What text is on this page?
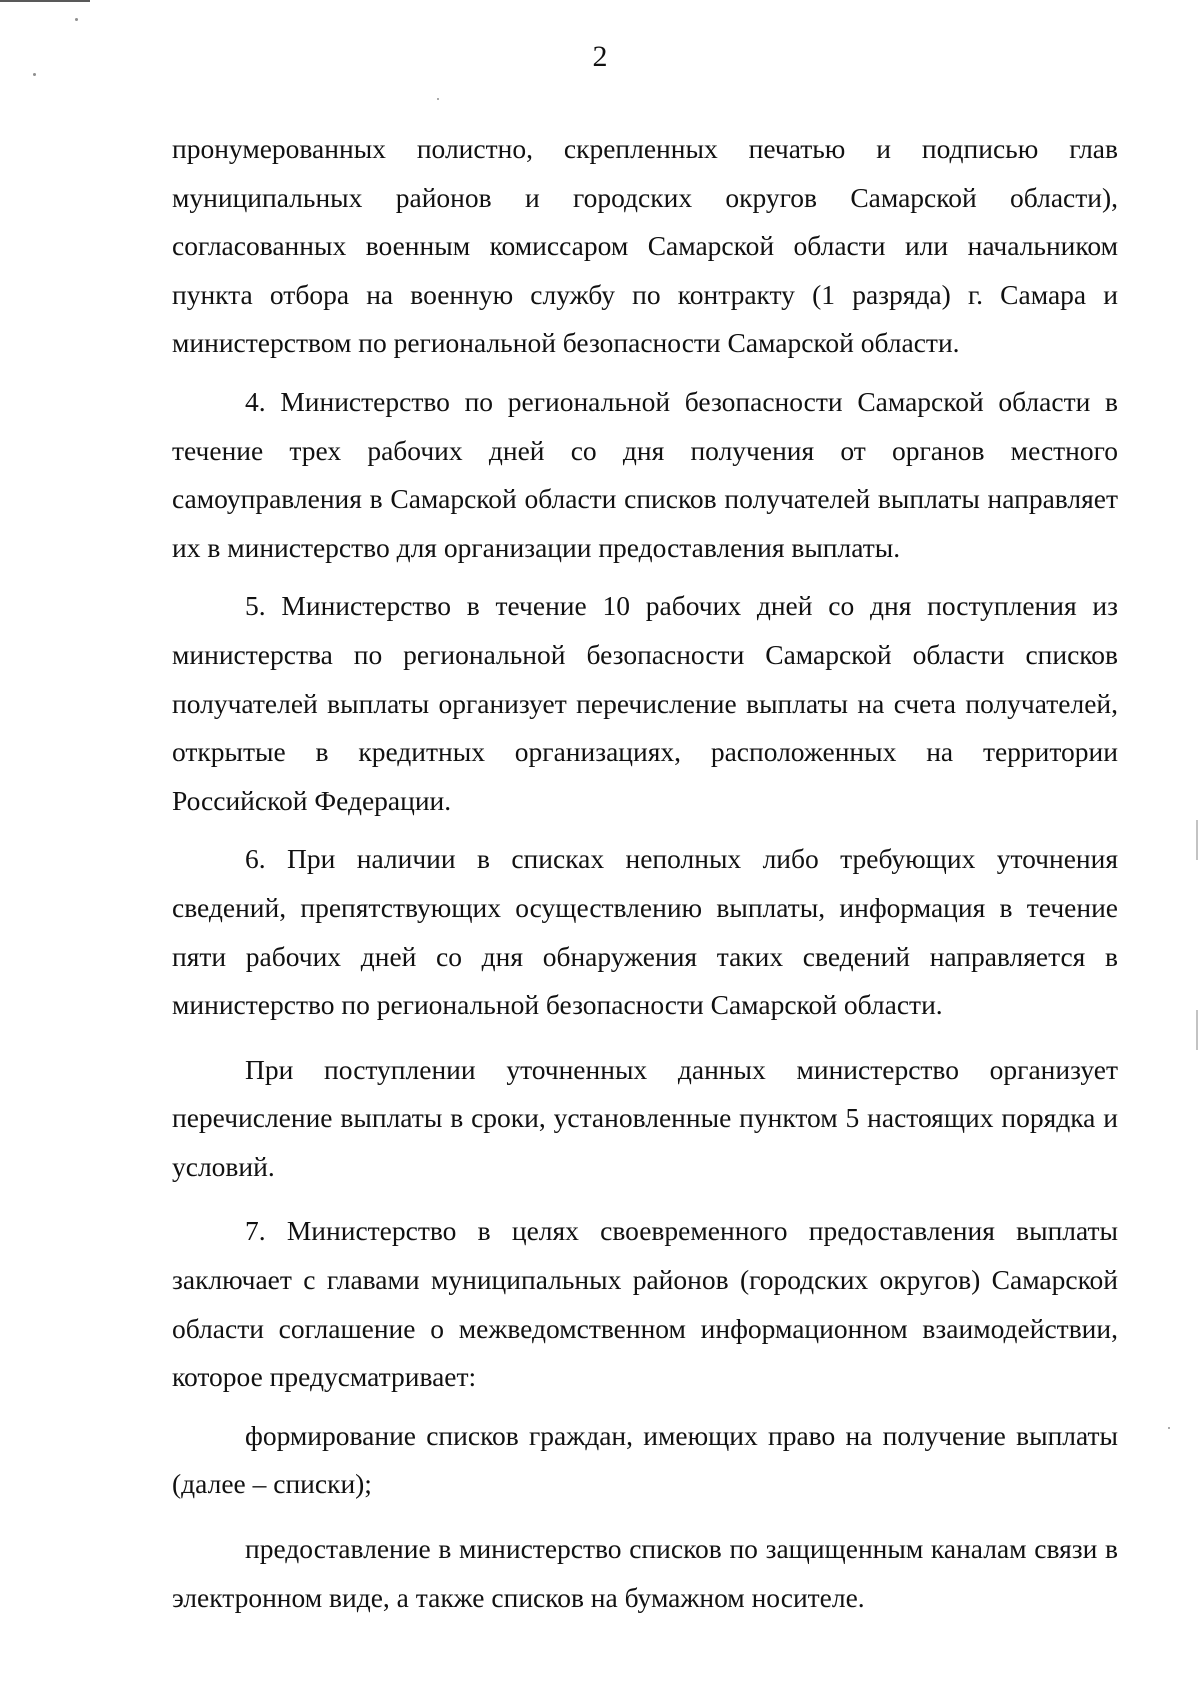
2

пронумерованных полистно, скрепленных печатью и подписью глав муниципальных районов и городских округов Самарской области), согласованных военным комиссаром Самарской области или начальником пункта отбора на военную службу по контракту (1 разряда) г. Самара и министерством по региональной безопасности Самарской области.

4. Министерство по региональной безопасности Самарской области в течение трех рабочих дней со дня получения от органов местного самоуправления в Самарской области списков получателей выплаты направляет их в министерство для организации предоставления выплаты.

5. Министерство в течение 10 рабочих дней со дня поступления из министерства по региональной безопасности Самарской области списков получателей выплаты организует перечисление выплаты на счета получателей, открытые в кредитных организациях, расположенных на территории Российской Федерации.

6. При наличии в списках неполных либо требующих уточнения сведений, препятствующих осуществлению выплаты, информация в течение пяти рабочих дней со дня обнаружения таких сведений направляется в министерство по региональной безопасности Самарской области.

При поступлении уточненных данных министерство организует перечисление выплаты в сроки, установленные пунктом 5 настоящих порядка и условий.

7. Министерство в целях своевременного предоставления выплаты заключает с главами муниципальных районов (городских округов) Самарской области соглашение о межведомственном информационном взаимодействии, которое предусматривает:

формирование списков граждан, имеющих право на получение выплаты (далее – списки);

предоставление в министерство списков по защищенным каналам связи в электронном виде, а также списков на бумажном носителе.
